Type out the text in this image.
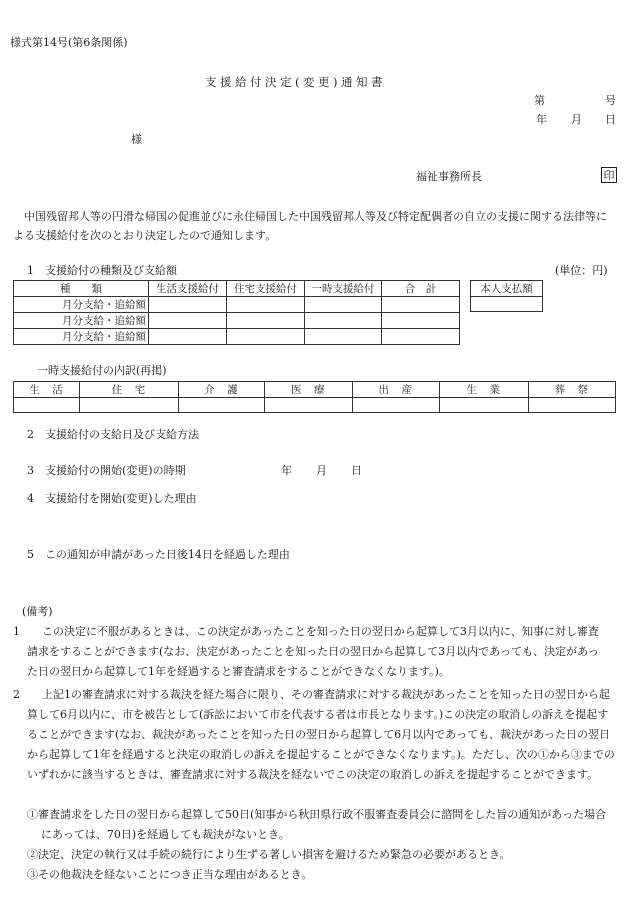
様式第14号(第6条関係)
支援給付決定(変更)通知書
第	号
年 月 日
様
福祉事務所長	印
中国残留邦人等の円滑な帰国の促進並びに永住帰国した中国残留邦人等及び特定配偶者の自立の支援に関する法律等による支援給付を次のとおり決定したので通知します。
1　支援給付の種類及び支給額	(単位：円)
種　　類	生活支援給付	住宅支援給付	一時支援給付	合　計
月分支給・追給額				
月分支給・追給額				
月分支給・追給額				
本人支払額

一時支援給付の内訳(再掲)
生　活	住　宅	介　護	医　療	出　産	生　業	葬　祭

2　支援給付の支給日及び支給方法
3　支援給付の開始(変更)の時期	年 月 日
4　支援給付を開始(変更)した理由
5　この通知が申請があった日後14日を経過した理由
(備考)
1	この決定に不服があるときは、この決定があったことを知った日の翌日から起算して3月以内に、知事に対し審査請求をすることができます(なお、決定があったことを知った日の翌日から起算して3月以内であっても、決定があった日の翌日から起算して1年を経過すると審査請求をすることができなくなります。)。
2	上記1の審査請求に対する裁決を経た場合に限り、その審査請求に対する裁決があったことを知った日の翌日から起算して6月以内に、市を被告として(訴訟において市を代表する者は市長となります。)この決定の取消しの訴えを提起することができます(なお、裁決があったことを知った日の翌日から起算して6月以内であっても、裁決があった日の翌日から起算して1年を経過すると決定の取消しの訴えを提起することができなくなります。)。ただし、次の①から③までのいずれかに該当するときは、審査請求に対する裁決を経ないでこの決定の取消しの訴えを提起することができます。
①審査請求をした日の翌日から起算して50日(知事から秋田県行政不服審査委員会に諮問をした旨の通知があった場合にあっては、70日)を経過しても裁決がないとき。
②決定、決定の執行又は手続の続行により生ずる著しい損害を避けるため緊急の必要があるとき。
③その他裁決を経ないことにつき正当な理由があるとき。
